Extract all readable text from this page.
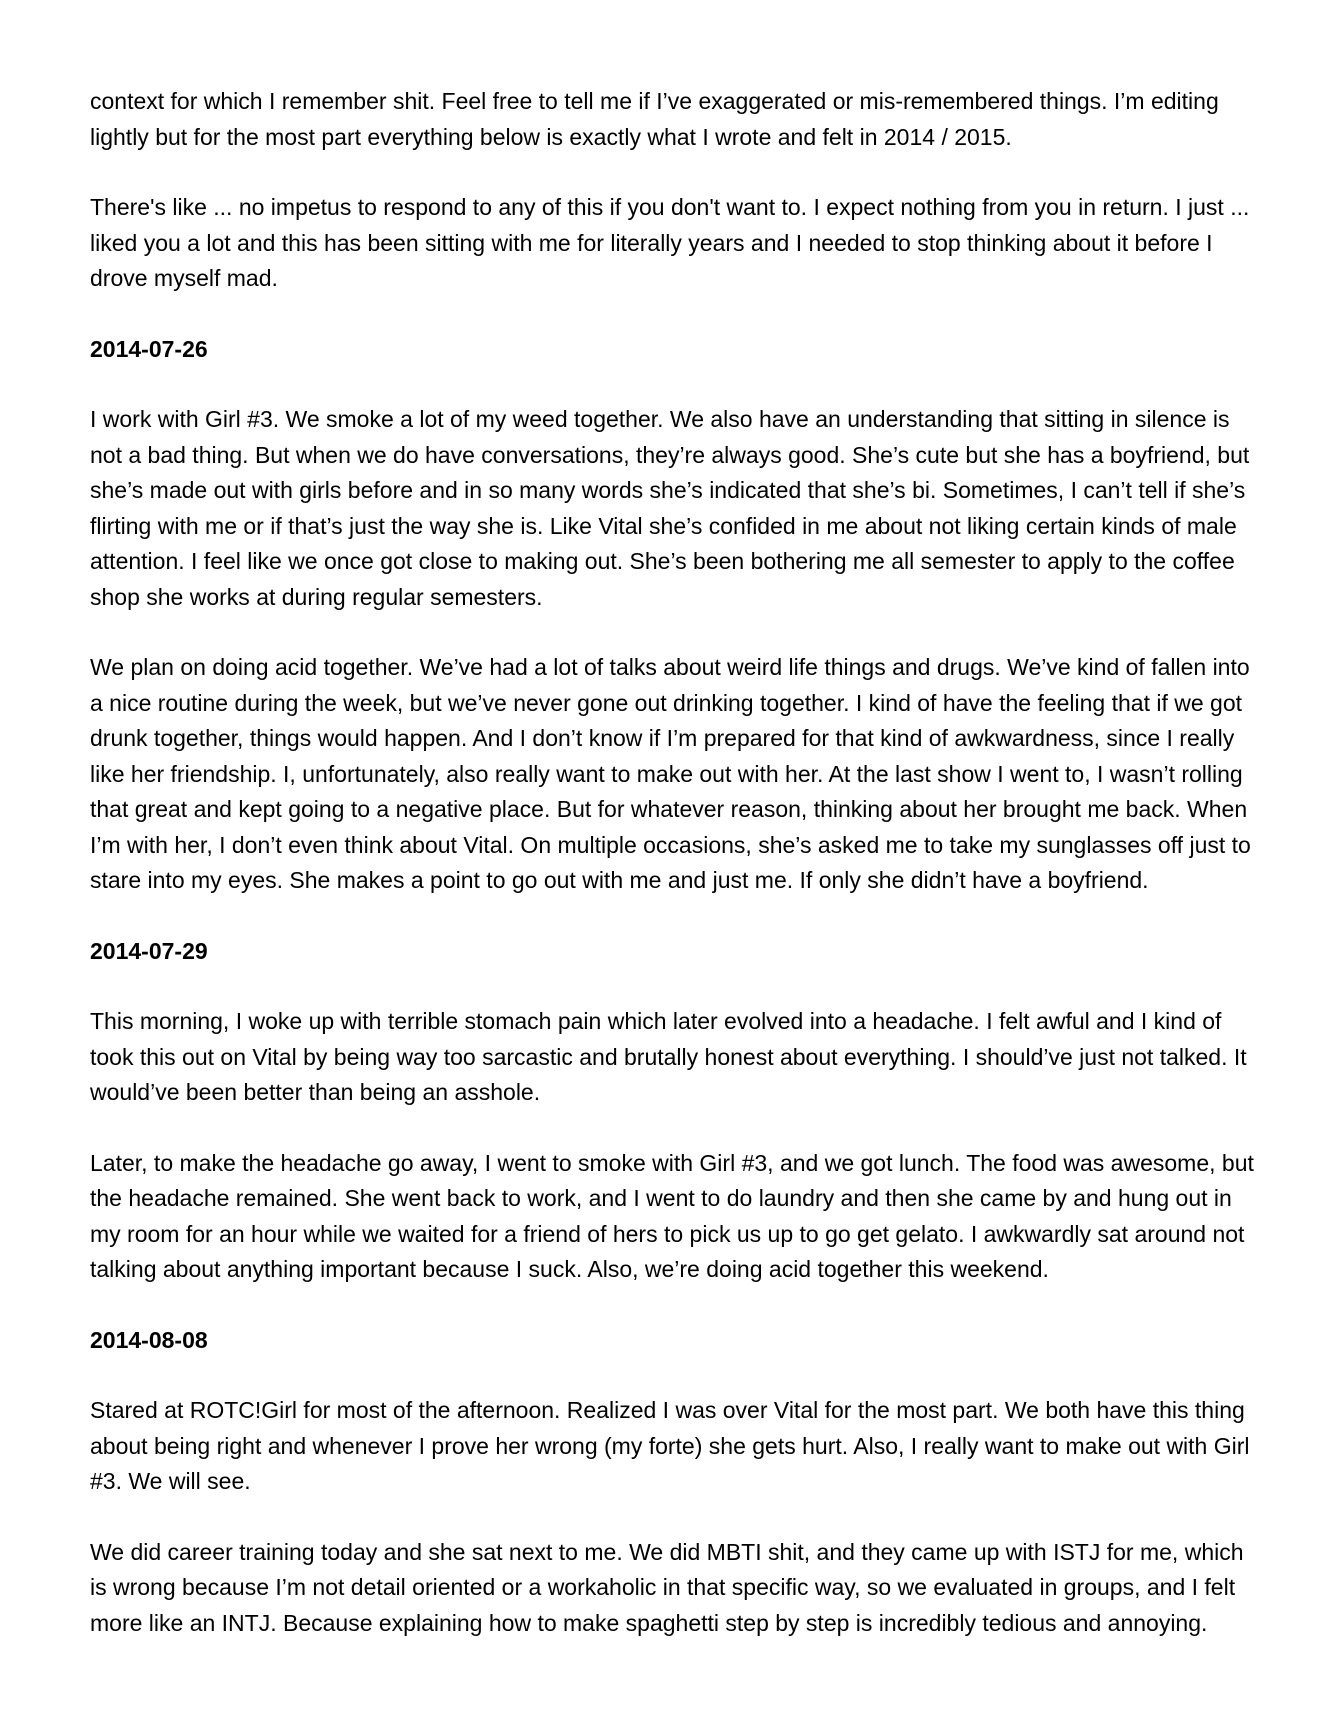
context for which I remember shit. Feel free to tell me if I’ve exaggerated or mis-remembered things. I’m editing lightly but for the most part everything below is exactly what I wrote and felt in 2014 / 2015.

There's like ... no impetus to respond to any of this if you don't want to. I expect nothing from you in return. I just ... liked you a lot and this has been sitting with me for literally years and I needed to stop thinking about it before I drove myself mad.

2014-07-26

I work with Girl #3. We smoke a lot of my weed together. We also have an understanding that sitting in silence is not a bad thing. But when we do have conversations, they’re always good. She’s cute but she has a boyfriend, but she’s made out with girls before and in so many words she’s indicated that she’s bi. Sometimes, I can’t tell if she’s flirting with me or if that’s just the way she is. Like Vital she’s confided in me about not liking certain kinds of male attention. I feel like we once got close to making out. She’s been bothering me all semester to apply to the coffee shop she works at during regular semesters.

We plan on doing acid together. We’ve had a lot of talks about weird life things and drugs. We’ve kind of fallen into a nice routine during the week, but we’ve never gone out drinking together. I kind of have the feeling that if we got drunk together, things would happen. And I don’t know if I’m prepared for that kind of awkwardness, since I really like her friendship. I, unfortunately, also really want to make out with her. At the last show I went to, I wasn’t rolling that great and kept going to a negative place. But for whatever reason, thinking about her brought me back. When I’m with her, I don’t even think about Vital. On multiple occasions, she’s asked me to take my sunglasses off just to stare into my eyes. She makes a point to go out with me and just me. If only she didn’t have a boyfriend.

2014-07-29

This morning, I woke up with terrible stomach pain which later evolved into a headache. I felt awful and I kind of took this out on Vital by being way too sarcastic and brutally honest about everything. I should’ve just not talked. It would’ve been better than being an asshole.

Later, to make the headache go away, I went to smoke with Girl #3, and we got lunch. The food was awesome, but the headache remained. She went back to work, and I went to do laundry and then she came by and hung out in my room for an hour while we waited for a friend of hers to pick us up to go get gelato. I awkwardly sat around not talking about anything important because I suck. Also, we’re doing acid together this weekend.

2014-08-08

Stared at ROTC!Girl for most of the afternoon. Realized I was over Vital for the most part. We both have this thing about being right and whenever I prove her wrong (my forte) she gets hurt. Also, I really want to make out with Girl #3. We will see.

We did career training today and she sat next to me. We did MBTI shit, and they came up with ISTJ for me, which is wrong because I’m not detail oriented or a workaholic in that specific way, so we evaluated in groups, and I felt more like an INTJ. Because explaining how to make spaghetti step by step is incredibly tedious and annoying.
